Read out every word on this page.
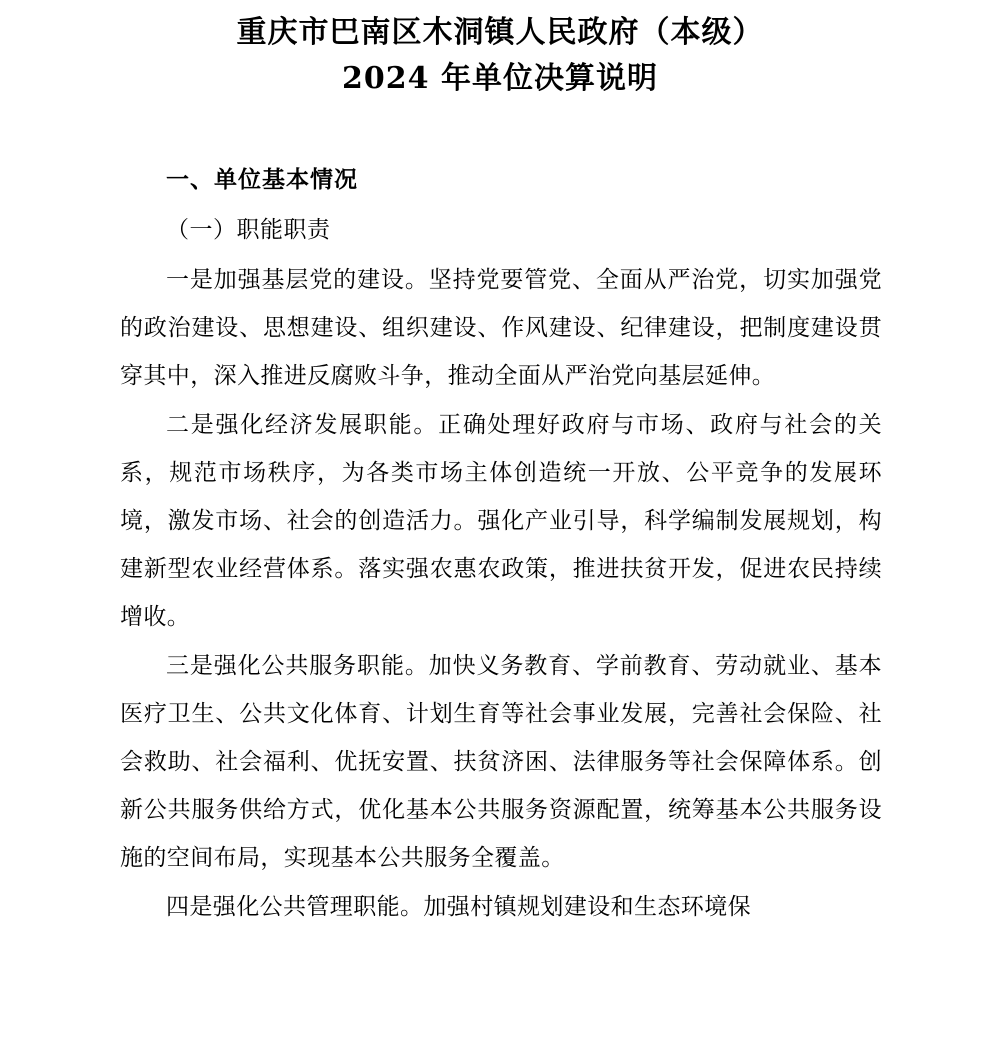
重庆市巴南区木洞镇人民政府（本级）
2024 年单位决算说明
一、单位基本情况
（一）职能职责

一是加强基层党的建设。坚持党要管党、全面从严治党，切实加强党的政治建设、思想建设、组织建设、作风建设、纪律建设，把制度建设贯穿其中，深入推进反腐败斗争，推动全面从严治党向基层延伸。

二是强化经济发展职能。正确处理好政府与市场、政府与社会的关系，规范市场秩序，为各类市场主体创造统一开放、公平竞争的发展环境，激发市场、社会的创造活力。强化产业引导，科学编制发展规划，构建新型农业经营体系。落实强农惠农政策，推进扶贫开发，促进农民持续增收。

三是强化公共服务职能。加快义务教育、学前教育、劳动就业、基本医疗卫生、公共文化体育、计划生育等社会事业发展，完善社会保险、社会救助、社会福利、优抚安置、扶贫济困、法律服务等社会保障体系。创新公共服务供给方式，优化基本公共服务资源配置，统筹基本公共服务设施的空间布局，实现基本公共服务全覆盖。

四是强化公共管理职能。加强村镇规划建设和生态环境保
